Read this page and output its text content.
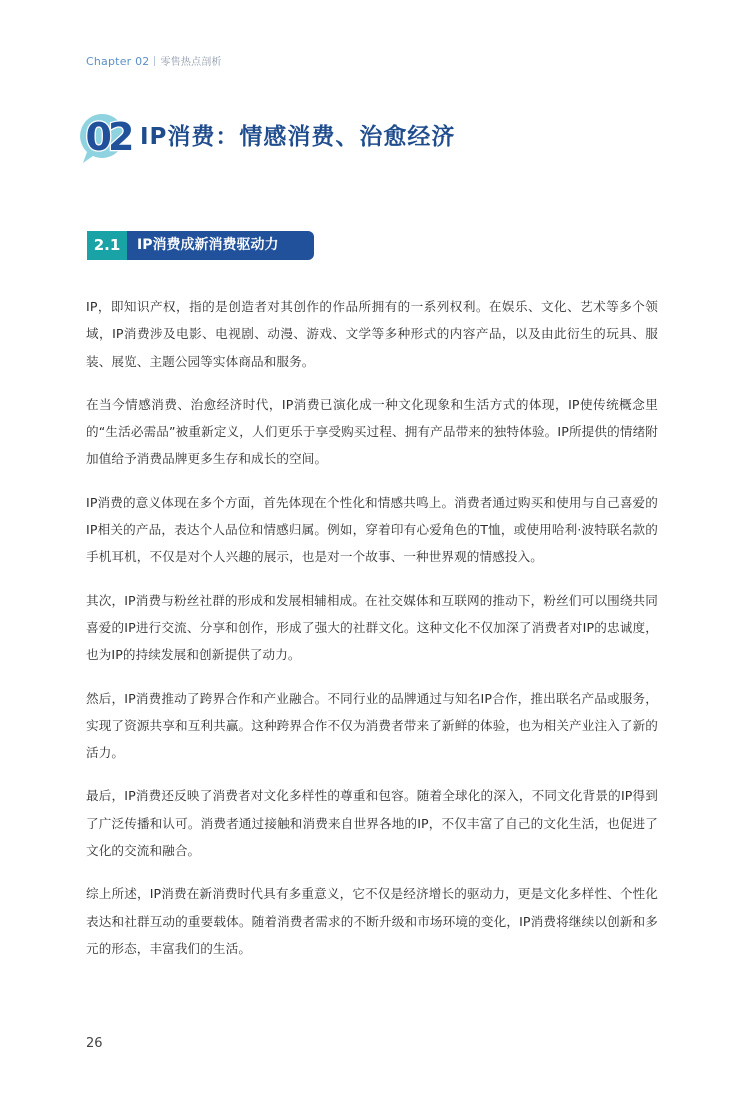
Chapter 02 零售热点剖析
02 IP消费：情感消费、治愈经济
2.1	IP消费成新消费驱动力

IP，即知识产权，指的是创造者对其创作的作品所拥有的一系列权利。在娱乐、文化、艺术等多个领域，IP消费涉及电影、电视剧、动漫、游戏、文学等多种形式的内容产品，以及由此衍生的玩具、服装、展览、主题公园等实体商品和服务。

在当今情感消费、治愈经济时代，IP消费已演化成一种文化现象和生活方式的体现，IP使传统概念里的“生活必需品”被重新定义，人们更乐于享受购买过程、拥有产品带来的独特体验。IP所提供的情绪附加值给予消费品牌更多生存和成长的空间。

IP消费的意义体现在多个方面，首先体现在个性化和情感共鸣上。消费者通过购买和使用与自己喜爱的IP相关的产品，表达个人品位和情感归属。例如，穿着印有心爱角色的T恤，或使用哈利·波特联名款的手机耳机，不仅是对个人兴趣的展示，也是对一个故事、一种世界观的情感投入。

其次，IP消费与粉丝社群的形成和发展相辅相成。在社交媒体和互联网的推动下，粉丝们可以围绕共同喜爱的IP进行交流、分享和创作，形成了强大的社群文化。这种文化不仅加深了消费者对IP的忠诚度，也为IP的持续发展和创新提供了动力。

然后，IP消费推动了跨界合作和产业融合。不同行业的品牌通过与知名IP合作，推出联名产品或服务，实现了资源共享和互利共赢。这种跨界合作不仅为消费者带来了新鲜的体验，也为相关产业注入了新的活力。

最后，IP消费还反映了消费者对文化多样性的尊重和包容。随着全球化的深入，不同文化背景的IP得到了广泛传播和认可。消费者通过接触和消费来自世界各地的IP，不仅丰富了自己的文化生活，也促进了文化的交流和融合。

综上所述，IP消费在新消费时代具有多重意义，它不仅是经济增长的驱动力，更是文化多样性、个性化表达和社群互动的重要载体。随着消费者需求的不断升级和市场环境的变化，IP消费将继续以创新和多元的形态，丰富我们的生活。

26
